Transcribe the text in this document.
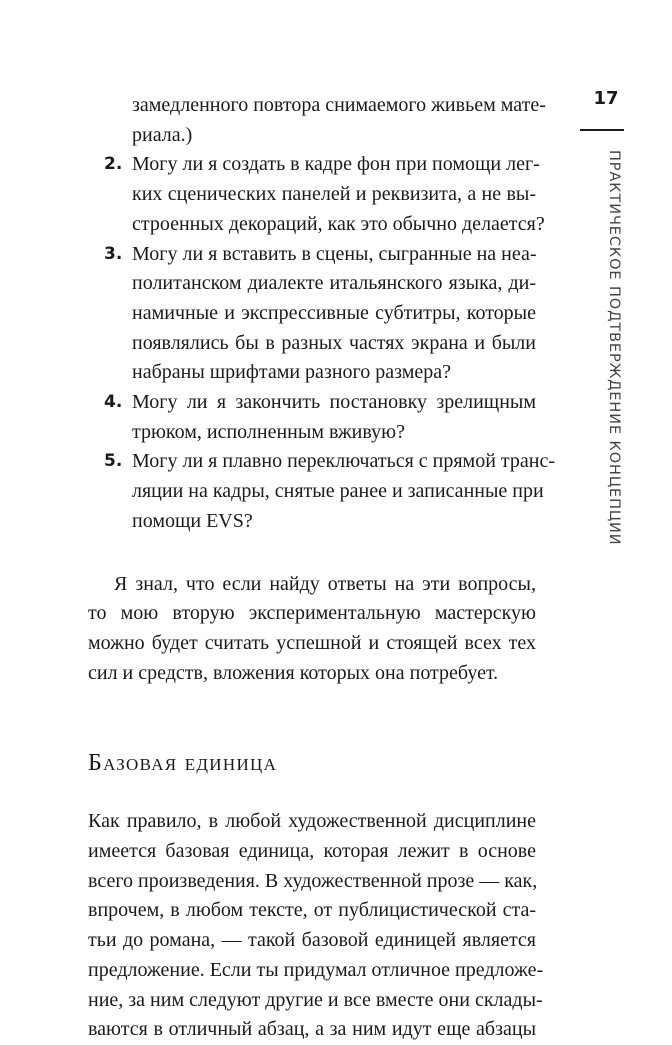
17
ПРАКТИЧЕСКОЕ ПОДТВЕРЖДЕНИЕ КОНЦЕПЦИИ
замедленного повтора снимаемого живьем мате-
риала.)
2. Могу ли я создать в кадре фон при помощи лег-
ких сценических панелей и реквизита, а не вы-
строенных декораций, как это обычно делается?
3. Могу ли я вставить в сцены, сыгранные на неа-
политанском диалекте итальянского языка, ди-
намичные и экспрессивные субтитры, которые
появлялись бы в разных частях экрана и были
набраны шрифтами разного размера?
4. Могу ли я закончить постановку зрелищным
трюком, исполненным вживую?
5. Могу ли я плавно переключаться с прямой транс-
ляции на кадры, снятые ранее и записанные при
помощи EVS?
Я знал, что если найду ответы на эти вопросы,
то мою вторую экспериментальную мастерскую
можно будет считать успешной и стоящей всех тех
сил и средств, вложения которых она потребует.
Базовая единица
Как правило, в любой художественной дисциплине
имеется базовая единица, которая лежит в основе
всего произведения. В художественной прозе — как,
впрочем, в любом тексте, от публицистической ста-
тьи до романа, — такой базовой единицей является
предложение. Если ты придумал отличное предложе-
ние, за ним следуют другие и все вместе они склады-
ваются в отличный абзац, а за ним идут еще абзацы
